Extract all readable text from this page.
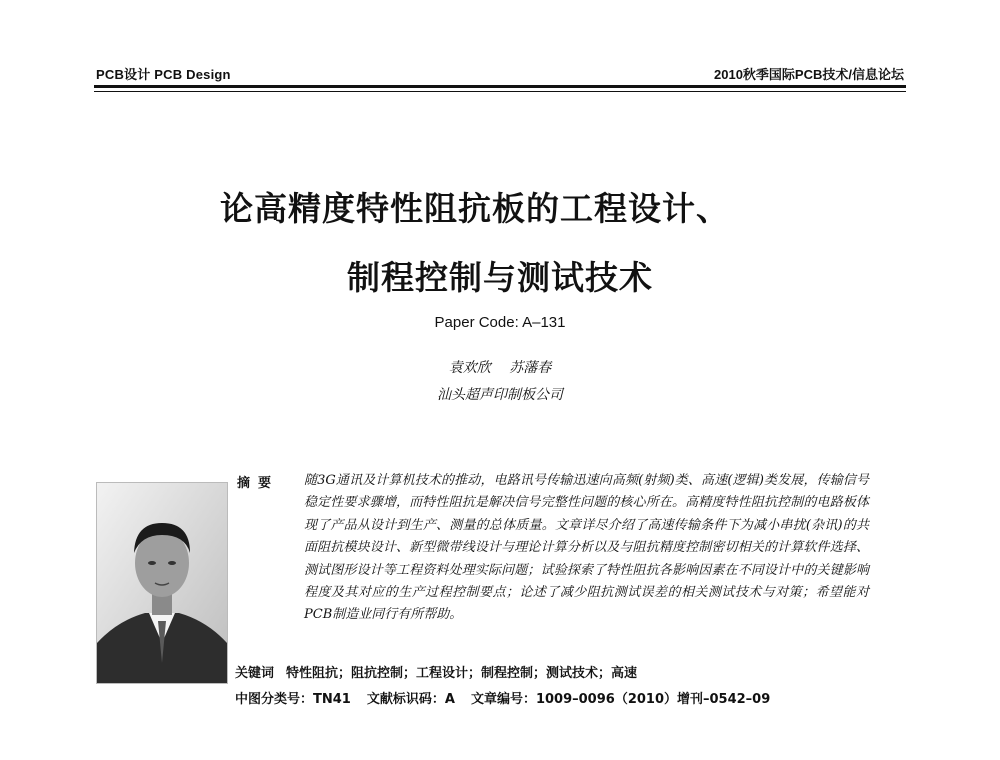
PCB设计 PCB Design	2010秋季国际PCB技术/信息论坛
论高精度特性阻抗板的工程设计、
制程控制与测试技术
Paper Code: A–131
袁欢欣 苏藩春
汕头超声印制板公司
摘要 随3G通讯及计算机技术的推动，电路讯号传输迅速向高频(射频)类、高速(逻辑)类发展，传输信号稳定性要求骤增，而特性阻抗是解决信号完整性问题的核心所在。高精度特性阻抗控制的电路板体现了产品从设计到生产、测量的总体质量。文章详尽介绍了高速传输条件下为减小串扰(杂讯)的共面阻抗模块设计、新型微带线设计与理论计算分析以及与阻抗精度控制密切相关的计算软件选择、测试图形设计等工程资料处理实际问题；试验探索了特性阻抗各影响因素在不同设计中的关键影响程度及其对应的生产过程控制要点；论述了减少阻抗测试误差的相关测试技术与对策；希望能对PCB制造业同行有所帮助。
关键词 特性阻抗；阻抗控制；工程设计；制程控制；测试技术；高速
中图分类号：TN41 文献标识码：A 文章编号：1009–0096（2010）增刊–0542–09
